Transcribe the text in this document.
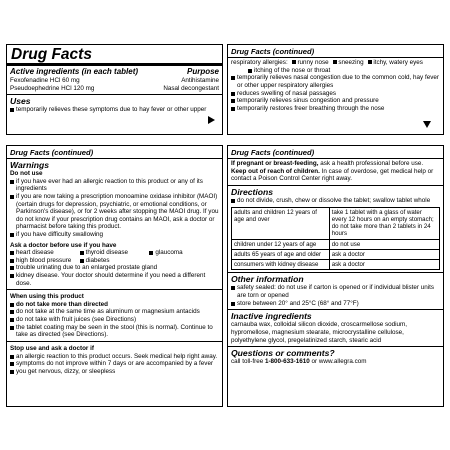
Drug Facts
Active ingredients (in each tablet)	Purpose
Fexofenadine HCl 60 mg	Antihistamine
Pseudoephedrine HCl 120 mg	Nasal decongestant
Uses
temporarily relieves these symptoms due to hay fever or other upper
Drug Facts (continued)
respiratory allergies: runny nose sneezing itchy, watery eyes
itching of the nose or throat
temporarily relieves nasal congestion due to the common cold, hay fever or other upper respiratory allergies
reduces swelling of nasal passages
temporarily relieves sinus congestion and pressure
temporarily restores freer breathing through the nose
Drug Facts (continued)
Warnings
Do not use
if you have ever had an allergic reaction to this product or any of its ingredients
if you are now taking a prescription monoamine oxidase inhibitor (MAOI) (certain drugs for depression, psychiatric, or emotional conditions, or Parkinson's disease), or for 2 weeks after stopping the MAOI drug. If you do not know if your prescription drug contains an MAOI, ask a doctor or pharmacist before taking this product.
if you have difficulty swallowing
Ask a doctor before use if you have
heart disease	thyroid disease	glaucoma
high blood pressure diabetes
trouble urinating due to an enlarged prostate gland
kidney disease. Your doctor should determine if you need a different dose.
When using this product
do not take more than directed
do not take at the same time as aluminum or magnesium antacids
do not take with fruit juices (see Directions)
the tablet coating may be seen in the stool (this is normal). Continue to take as directed (see Directions).
Stop use and ask a doctor if
an allergic reaction to this product occurs. Seek medical help right away.
symptoms do not improve within 7 days or are accompanied by a fever
you get nervous, dizzy, or sleepless
Drug Facts (continued)
If pregnant or breast-feeding, ask a health professional before use.
Keep out of reach of children. In case of overdose, get medical help or contact a Poison Control Center right away.
Directions
do not divide, crush, chew or dissolve the tablet; swallow tablet whole
adults and children 12 years of age and over	take 1 tablet with a glass of water every 12 hours on an empty stomach; do not take more than 2 tablets in 24 hours
children under 12 years of age	do not use
adults 65 years of age and older	ask a doctor
consumers with kidney disease	ask a doctor
Other information
safety sealed: do not use if carton is opened or if individual blister units are torn or opened
store between 20° and 25°C (68° and 77°F)
Inactive ingredients
carnauba wax, colloidal silicon dioxide, croscarmellose sodium, hypromellose, magnesium stearate, microcrystalline cellulose, polyethylene glycol, pregelatinized starch, stearic acid
Questions or comments?
call toll-free 1-800-633-1610 or www.allegra.com
